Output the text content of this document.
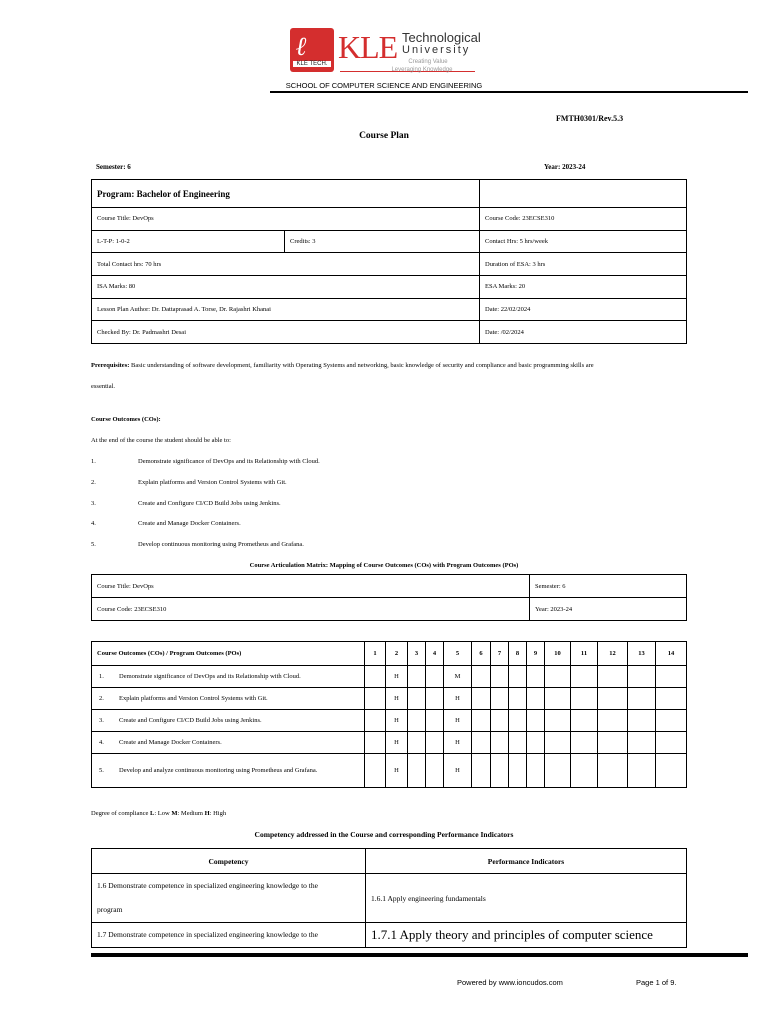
ℓ
KLE TECH. KLE Technological
University
Creating Value
Leveraging Knowledge
SCHOOL OF COMPUTER SCIENCE AND ENGINEERING
FMTH0301/Rev.5.3
Course Plan
Semester: 6	Year: 2023-24
Program: Bachelor of Engineering		
Course Title: DevOps		Course Code: 23ECSE310
L-T-P: 1-0-2	Credits: 3	Contact Hrs: 5 hrs/week
Total Contact hrs: 70 hrs		Duration of ESA: 3 hrs
ISA Marks: 80		ESA Marks: 20
Lesson Plan Author: Dr. Dattaprasad A. Torse, Dr. Rajashri Khanai		Date: 22/02/2024
Checked By: Dr. Padmashri Desai		Date: /02/2024
Prerequisites: Basic understanding of software development, familiarity with Operating Systems and networking, basic knowledge of security and compliance and basic programming skills are
essential.
Course Outcomes (COs):
At the end of the course the student should be able to:
1.	Demonstrate significance of DevOps and its Relationship with Cloud.
2.	Explain platforms and Version Control Systems with Git.
3.	Create and Configure CI/CD Build Jobs using Jenkins.
4.	Create and Manage Docker Containers.
5.	Develop continuous monitoring using Prometheus and Grafana.
Course Articulation Matrix: Mapping of Course Outcomes (COs) with Program Outcomes (POs)
Course Title: DevOps	Semester: 6
Course Code: 23ECSE310	Year: 2023-24
Course Outcomes (COs) / Program Outcomes (POs)	1	2	3	4	5	6	7	8	9	10	11	12	13	14
1. Demonstrate significance of DevOps and its Relationship with Cloud.		H			M									
2. Explain platforms and Version Control Systems with Git.		H			H									
3. Create and Configure CI/CD Build Jobs using Jenkins.		H			H									
4. Create and Manage Docker Containers.		H			H									
5. Develop and analyze continuous monitoring using Prometheus and Grafana.		H			H									
Degree of compliance L: Low M: Medium H: High
Competency addressed in the Course and corresponding Performance Indicators
Competency	Performance Indicators

1.6 Demonstrate competence in specialized engineering knowledge to the
program	1.6.1 Apply engineering fundamentals

1.7 Demonstrate competence in specialized engineering knowledge to the	1.7.1 Apply theory and principles of computer science
Powered by www.ioncudos.com	Page 1 of 9.
